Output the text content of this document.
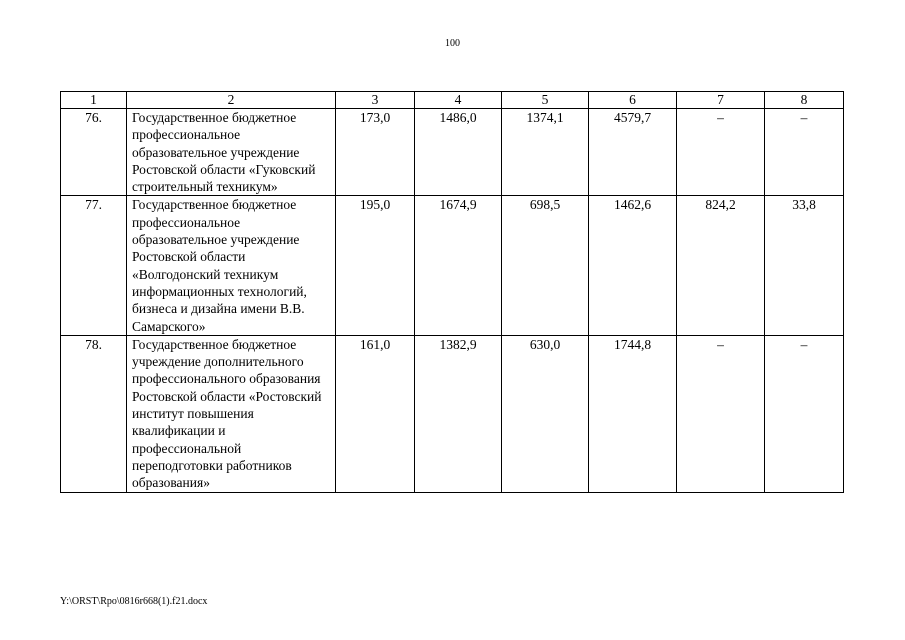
100
1	2	3	4	5	6	7	8
76.	Государственное бюджетное профессиональное образовательное учреждение Ростовской области «Гуковский строительный техникум»	173,0	1486,0	1374,1	4579,7	–	–
77.	Государственное бюджетное профессиональное образовательное учреждение Ростовской области «Волгодонский техникум информационных технологий, бизнеса и дизайна имени В.В. Самарского»	195,0	1674,9	698,5	1462,6	824,2	33,8
78.	Государственное бюджетное учреждение дополнительного профессионального образования Ростовской области «Ростовский институт повышения квалификации и профессиональной переподготовки работников образования»	161,0	1382,9	630,0	1744,8	–	–
Y:\ORST\Rpo\0816r668(1).f21.docx
